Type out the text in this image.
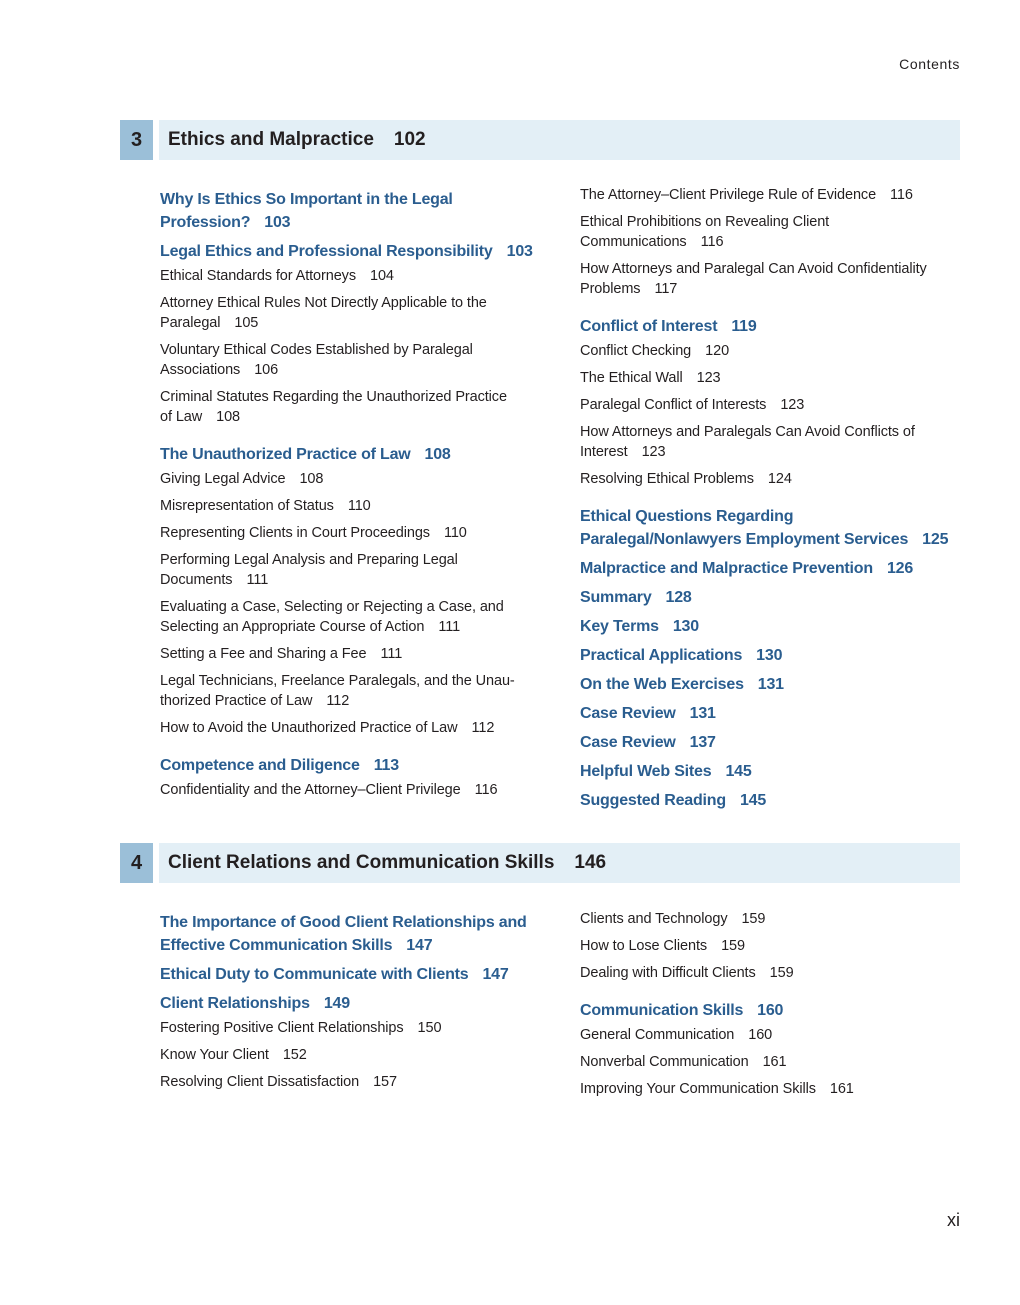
Contents
3	Ethics and Malpractice 102
Why Is Ethics So Important in the Legal
Profession? 103
Legal Ethics and Professional Responsibility 103
Ethical Standards for Attorneys 104
Attorney Ethical Rules Not Directly Applicable to the
Paralegal 105
Voluntary Ethical Codes Established by Paralegal
Associations 106
Criminal Statutes Regarding the Unauthorized Practice
of Law 108
The Unauthorized Practice of Law 108
Giving Legal Advice 108
Misrepresentation of Status 110
Representing Clients in Court Proceedings 110
Performing Legal Analysis and Preparing Legal
Documents 111
Evaluating a Case, Selecting or Rejecting a Case, and
Selecting an Appropriate Course of Action 111
Setting a Fee and Sharing a Fee 111
Legal Technicians, Freelance Paralegals, and the Unau-
thorized Practice of Law 112
How to Avoid the Unauthorized Practice of Law 112
Competence and Diligence 113
Confidentiality and the Attorney–Client Privilege 116
The Attorney–Client Privilege Rule of Evidence 116
Ethical Prohibitions on Revealing Client
Communications 116
How Attorneys and Paralegal Can Avoid Confidentiality
Problems 117
Conflict of Interest 119
Conflict Checking 120
The Ethical Wall 123
Paralegal Conflict of Interests 123
How Attorneys and Paralegals Can Avoid Conflicts of
Interest 123
Resolving Ethical Problems 124
Ethical Questions Regarding
Paralegal/Nonlawyers Employment Services 125
Malpractice and Malpractice Prevention 126
Summary 128
Key Terms 130
Practical Applications 130
On the Web Exercises 131
Case Review 131
Case Review 137
Helpful Web Sites 145
Suggested Reading 145
4	Client Relations and Communication Skills 146
The Importance of Good Client Relationships and
Effective Communication Skills 147
Ethical Duty to Communicate with Clients 147
Client Relationships 149
Fostering Positive Client Relationships 150
Know Your Client 152
Resolving Client Dissatisfaction 157
Clients and Technology 159
How to Lose Clients 159
Dealing with Difficult Clients 159
Communication Skills 160
General Communication 160
Nonverbal Communication 161
Improving Your Communication Skills 161
xi
